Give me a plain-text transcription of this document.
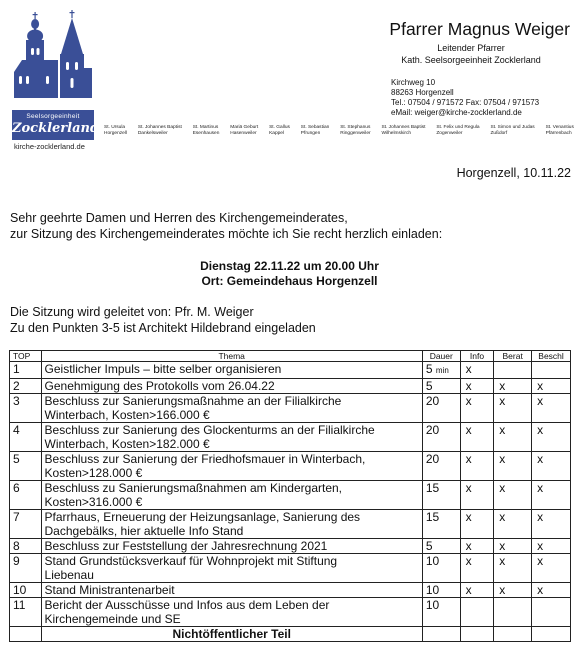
Seelsorgeeinheit
Zocklerland
kirche-zocklerland.de
Pfarrer Magnus Weiger
Leitender Pfarrer
Kath. Seelsorgeeinheit Zocklerland
Kirchweg 10
88263 Horgenzell
Tel.: 07504 / 971572 Fax: 07504 / 971573
eMail: weiger@kirche-zocklerland.de
St. Ursula
Horgenzell
St. Johannes Baptist
Dankelsweiler
St. Martinus
Esenhausen
Mariä Geburt
Hasenweiler
St. Gallus
Kappel
St. Sebastian
Pfrungen
St. Stephanus
Ringgenweiler
St. Johannes Baptist
Wilhelmskirch
St. Felix und Regula
Zogenweiler
St. Simon und Judas
Zußdorf
St. Venantius
Pfärrenbach
Horgenzell, 10.11.22
Sehr geehrte Damen und Herren des Kirchengemeinderates,
zur Sitzung des Kirchengemeinderates möchte ich Sie recht herzlich einladen:
Dienstag 22.11.22 um 20.00 Uhr
Ort: Gemeindehaus Horgenzell
Die Sitzung wird geleitet von: Pfr. M. Weiger
Zu den Punkten 3-5 ist Architekt Hildebrand eingeladen
TOP	Thema	Dauer	Info	Berat	Beschl
1	Geistlicher Impuls – bitte selber organisieren	5 min	x		
2	Genehmigung des Protokolls vom 26.04.22	5	x	x	x
3	Beschluss zur Sanierungsmaßnahme an der Filialkirche
Winterbach, Kosten>166.000 €	20	x	x	x
4	Beschluss zur Sanierung des Glockenturms an der Filialkirche
Winterbach, Kosten>182.000 €	20	x	x	x
5	Beschluss zur Sanierung der Friedhofsmauer in Winterbach,
Kosten>128.000 €	20	x	x	x
6	Beschluss zu Sanierungsmaßnahmen am Kindergarten,
Kosten>316.000 €	15	x	x	x
7	Pfarrhaus, Erneuerung der Heizungsanlage, Sanierung des
Dachgebälks, hier aktuelle Info Stand	15	x	x	x
8	Beschluss zur Feststellung der Jahresrechnung 2021	5	x	x	x
9	Stand Grundstücksverkauf für Wohnprojekt mit Stiftung
Liebenau	10	x	x	x
10	Stand Ministrantenarbeit	10	x	x	x
11	Bericht der Ausschüsse und Infos aus dem Leben der
Kirchengemeinde und SE	10			
	Nichtöffentlicher Teil				
